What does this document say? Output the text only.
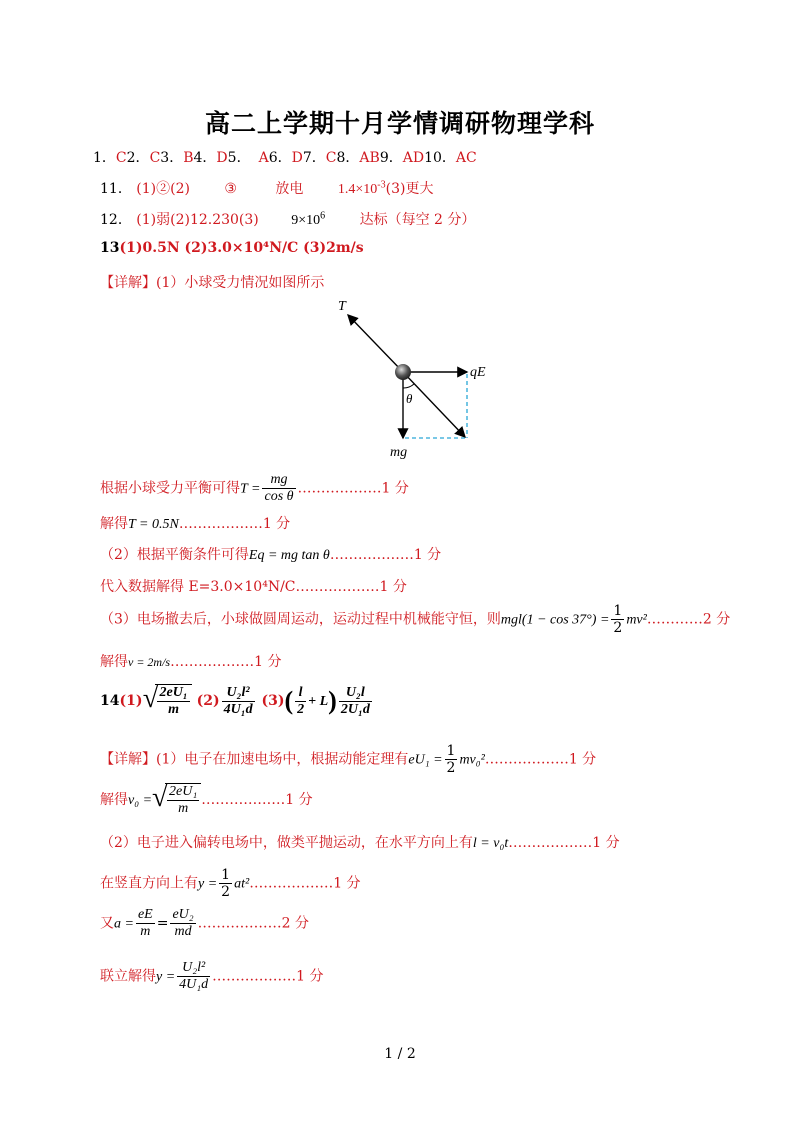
高二上学期十月学情调研物理学科
1．C2．C3．B4．D5． A6．D7．C8．AB9．AD10．AC
11． (1)②(2) ③	放电 $1.4\times 10^{-3}(3)$更大
12． (1)弱(2)12.230(3) $9\times 10^6$ 达标（每空 2 分）
13(1)0.5N (2)3.0×10⁴N/C (3)2m/s
【详解】(1）小球受力情况如图所示
T
qE
θ
mg
根据小球受力平衡可得$T = \frac{mg}{\text{cos θ}}$ ………………1 分
解得T = 0.5N………………1 分
（2）根据平衡条件可得Eq = mg tan θ………………1 分
代入数据解得 E=3.0×10⁴N/C………………1 分
（3）电场撤去后，小球做圆周运动，运动过程中机械能守恒，则$mgl(1 - \cos 37^\circ) = \frac{1}{2}$ mv²…………2 分
解得v = 2m/s………………1 分
14(1) √ $\frac{\text{2eU₁}}{m} (2) \frac{\text{U₂l²}}{\text{4U₁d}} (3)( \frac{l}{2} + L) \frac{\text{U₂l}}{\text{2U₁d}}$
【详解】(1）电子在加速电场中，根据动能定理有$eU_1 = \frac{1}{2}$ mv₀²………………1 分
解得v₀ = √ $\frac{\text{2eU₁}}{m}$ ………………1 分
（2）电子进入偏转电场中，做类平抛运动，在水平方向上有l = v₀t………………1 分
在竖直方向上有$y = \frac{1}{2}$ at²………………1 分
又$a = \frac{eE}{m} = \frac{\text{eU₂}}{md}$ ………………2 分
联立解得$y = \frac{\text{U₂l²}}{\text{4U₁d}}$ ………………1 分
1 / 2
